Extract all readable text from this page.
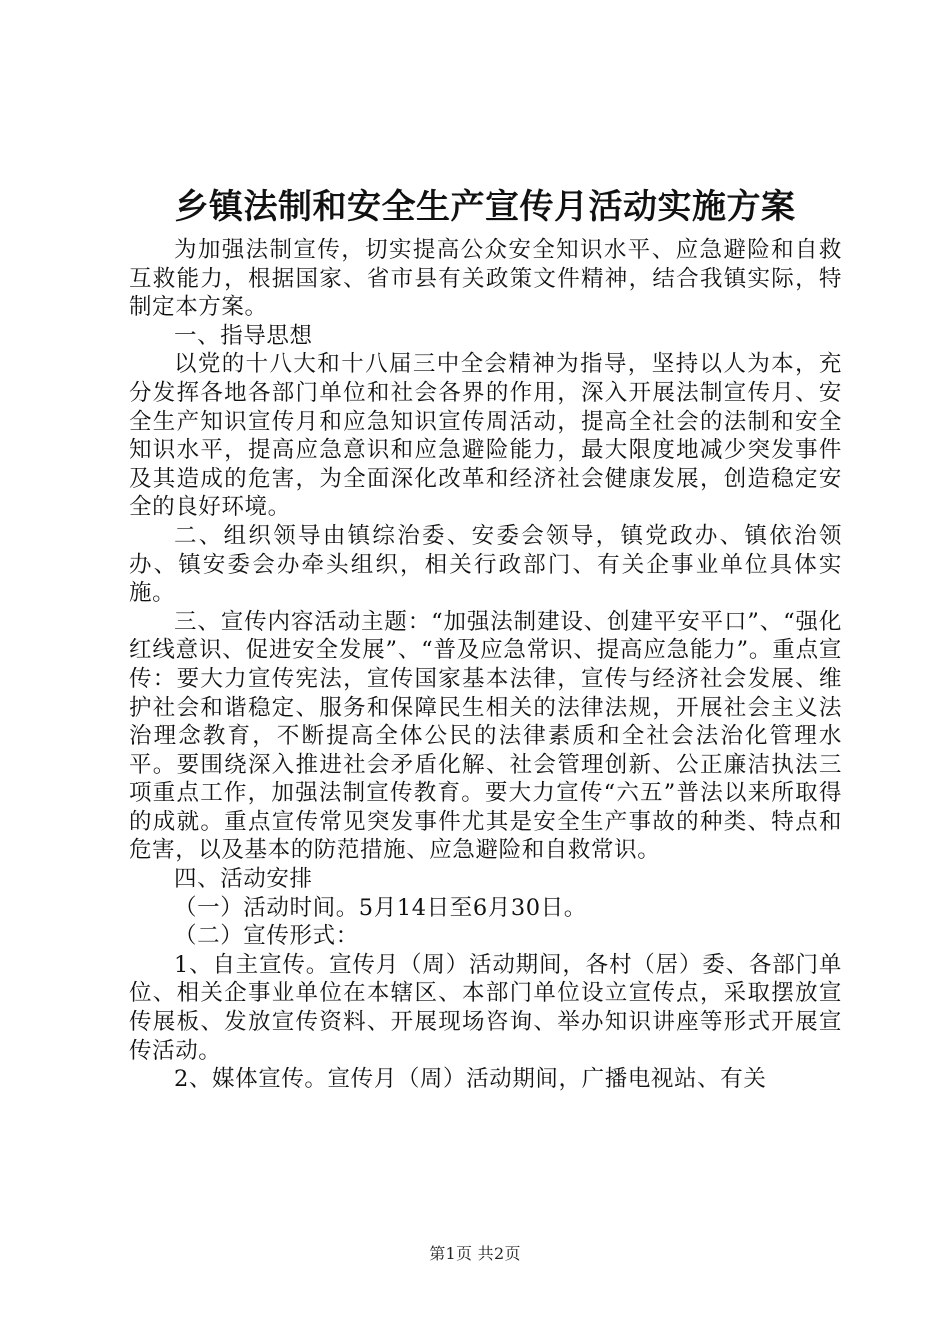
乡镇法制和安全生产宣传月活动实施方案

为加强法制宣传，切实提高公众安全知识水平、应急避险和自救互救能力，根据国家、省市县有关政策文件精神，结合我镇实际，特制定本方案。

一、指导思想

以党的十八大和十八届三中全会精神为指导，坚持以人为本，充分发挥各地各部门单位和社会各界的作用，深入开展法制宣传月、安全生产知识宣传月和应急知识宣传周活动，提高全社会的法制和安全知识水平，提高应急意识和应急避险能力，最大限度地减少突发事件及其造成的危害，为全面深化改革和经济社会健康发展，创造稳定安全的良好环境。

二、组织领导由镇综治委、安委会领导，镇党政办、镇依治领办、镇安委会办牵头组织，相关行政部门、有关企事业单位具体实施。

三、宣传内容活动主题：“加强法制建设、创建平安平口”、“强化红线意识、促进安全发展”、“普及应急常识、提高应急能力”。重点宣传：要大力宣传宪法，宣传国家基本法律，宣传与经济社会发展、维护社会和谐稳定、服务和保障民生相关的法律法规，开展社会主义法治理念教育，不断提高全体公民的法律素质和全社会法治化管理水平。要围绕深入推进社会矛盾化解、社会管理创新、公正廉洁执法三项重点工作，加强法制宣传教育。要大力宣传“六五”普法以来所取得的成就。重点宣传常见突发事件尤其是安全生产事故的种类、特点和危害，以及基本的防范措施、应急避险和自救常识。

四、活动安排

（一）活动时间。5月14日至6月30日。

（二）宣传形式：

1、自主宣传。宣传月（周）活动期间，各村（居）委、各部门单位、相关企事业单位在本辖区、本部门单位设立宣传点，采取摆放宣传展板、发放宣传资料、开展现场咨询、举办知识讲座等形式开展宣传活动。

2、媒体宣传。宣传月（周）活动期间，广播电视站、有关

第1页 共2页
